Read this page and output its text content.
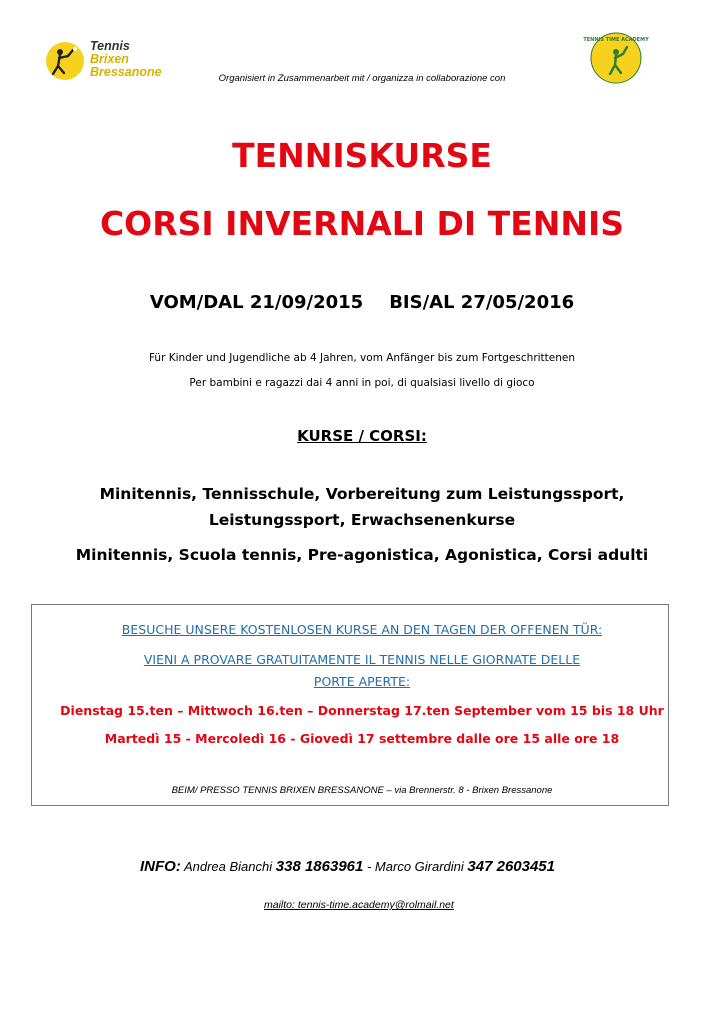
Tennis
Brixen
Bressanone
TENNIS TIME ACADEMY
Organisiert in Zusammenarbeit mit / organizza in collaborazione con
TENNISKURSE
CORSI INVERNALI DI TENNIS
VOM/DAL 21/09/2015 BIS/AL 27/05/2016
Für Kinder und Jugendliche ab 4 Jahren, vom Anfänger bis zum Fortgeschrittenen
Per bambini e ragazzi dai 4 anni in poi, di qualsiasi livello di gioco
KURSE / CORSI:
Minitennis, Tennisschule, Vorbereitung zum Leistungssport,
Leistungssport, Erwachsenenkurse
Minitennis, Scuola tennis, Pre-agonistica, Agonistica, Corsi adulti
BESUCHE UNSERE KOSTENLOSEN KURSE AN DEN TAGEN DER OFFENEN TÜR:
VIENI A PROVARE GRATUITAMENTE IL TENNIS NELLE GIORNATE DELLE
PORTE APERTE:
Dienstag 15.ten – Mittwoch 16.ten – Donnerstag 17.ten September vom 15 bis 18 Uhr
Martedì 15 - Mercoledì 16 - Giovedì 17 settembre dalle ore 15 alle ore 18
BEIM/ PRESSO TENNIS BRIXEN BRESSANONE – via Brennerstr. 8 - Brixen Bressanone
INFO: Andrea Bianchi 338 1863961 - Marco Girardini 347 2603451
mailto: tennis-time.academy@rolmail.net
